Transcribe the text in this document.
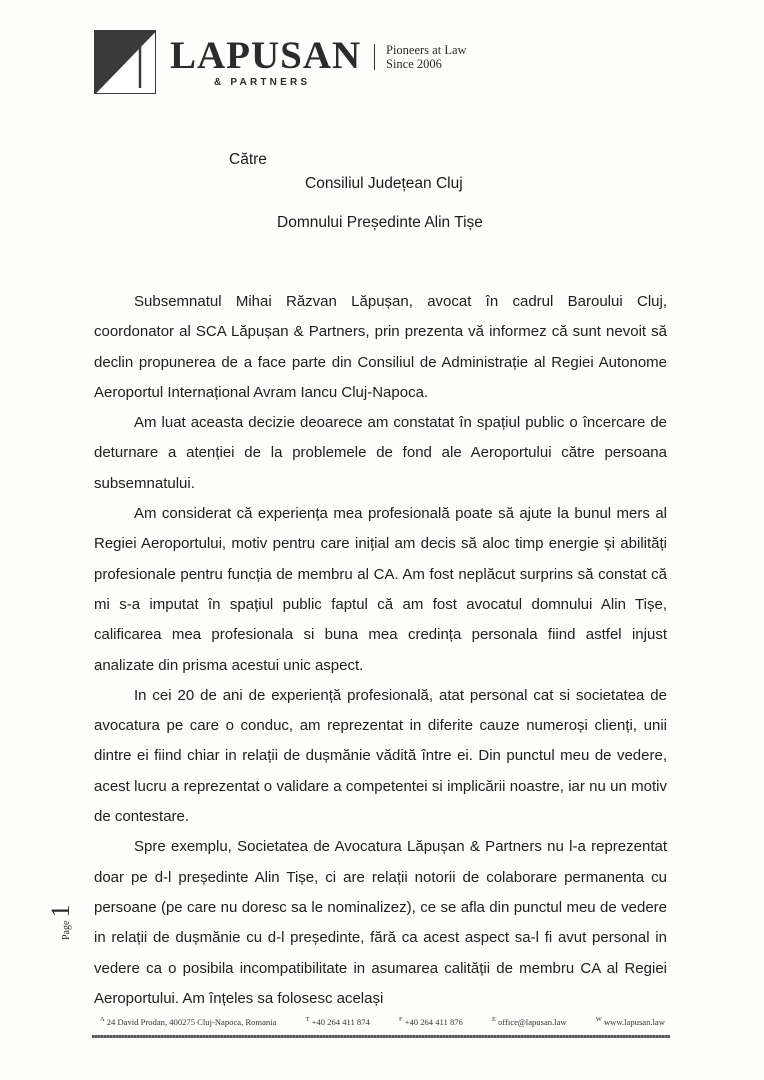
LAPUSAN
& PARTNERS
Pioneers at Law
Since 2006
Către
Consiliul Județean Cluj
Domnului Președinte Alin Tișe

Subsemnatul Mihai Răzvan Lăpușan, avocat în cadrul Baroului Cluj, coordonator al SCA Lăpușan & Partners, prin prezenta vă informez că sunt nevoit să declin propunerea de a face parte din Consiliul de Administrație al Regiei Autonome Aeroportul Internațional Avram Iancu Cluj-Napoca.

Am luat aceasta decizie deoarece am constatat în spațiul public o încercare de deturnare a atenției de la problemele de fond ale Aeroportului către persoana subsemnatului.

Am considerat că experiența mea profesională poate să ajute la bunul mers al Regiei Aeroportului, motiv pentru care inițial am decis să aloc timp energie și abilități profesionale pentru funcția de membru al CA. Am fost neplăcut surprins să constat că mi s-a imputat în spațiul public faptul că am fost avocatul domnului Alin Tișe, calificarea mea profesionala si buna mea credința personala fiind astfel injust analizate din prisma acestui unic aspect.

In cei 20 de ani de experiență profesională, atat personal cat si societatea de avocatura pe care o conduc, am reprezentat in diferite cauze numeroși clienți, unii dintre ei fiind chiar in relații de dușmănie vădită între ei. Din punctul meu de vedere, acest lucru a reprezentat o validare a competentei si implicării noastre, iar nu un motiv de contestare.

Spre exemplu, Societatea de Avocatura Lăpușan & Partners nu l-a reprezentat doar pe d-l președinte Alin Tișe, ci are relații notorii de colaborare permanenta cu persoane (pe care nu doresc sa le nominalizez), ce se afla din punctul meu de vedere in relații de dușmănie cu d-l președinte, fără ca acest aspect sa-l fi avut personal in vedere ca o posibila incompatibilitate in asumarea calității de membru CA al Regiei Aeroportului. Am înțeles sa folosesc același

Page1
$^A$ 24 David Prodan, 400275 Cluj-Napoca, Romania	$^T$ +40 264 411 874	$^F$ +40 264 411 876	$^E$ office@lapusan.law	$^W$ www.lapusan.law
